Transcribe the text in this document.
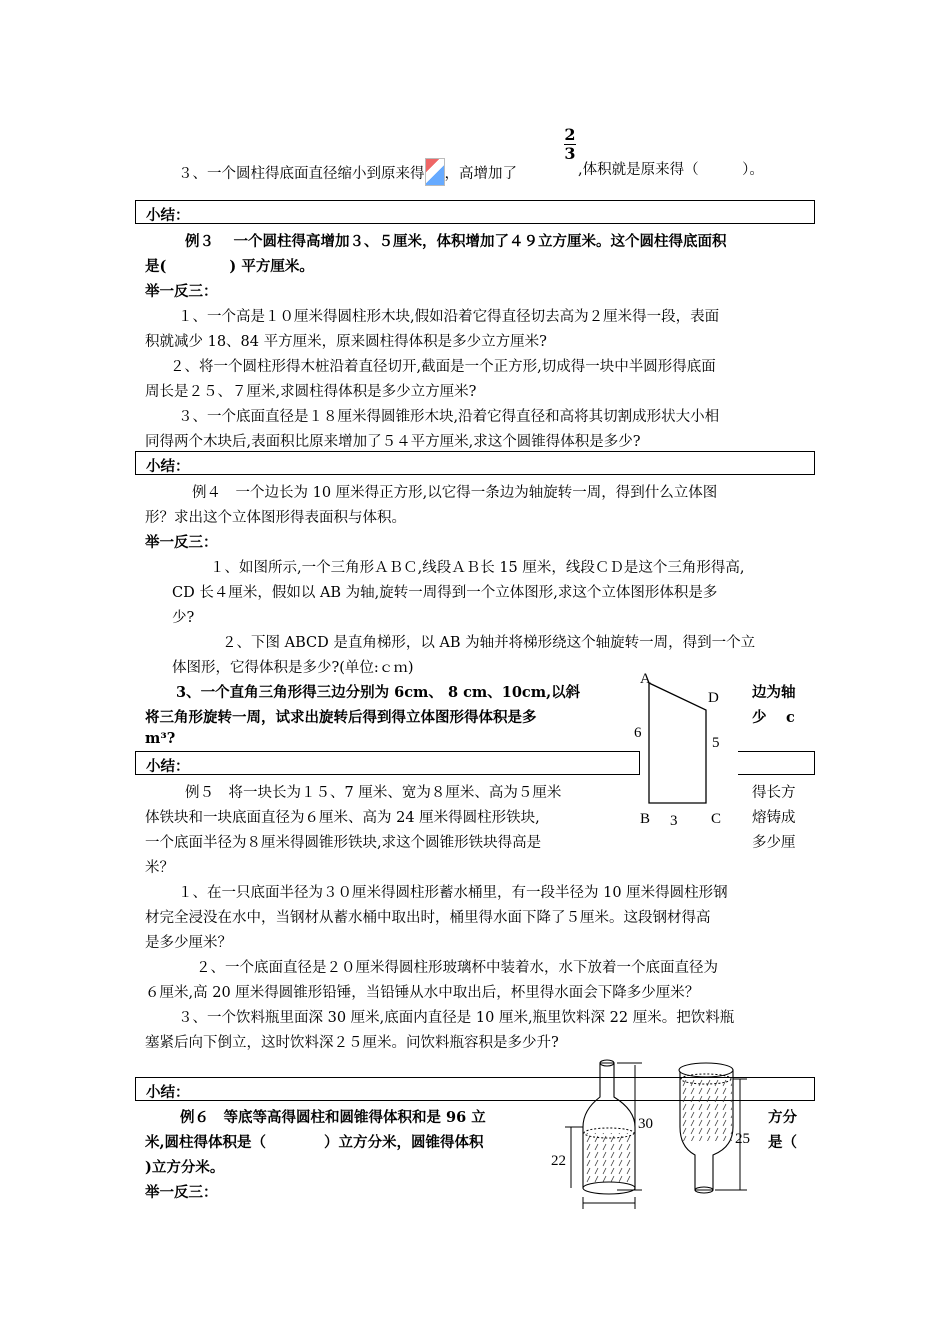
３、一个圆柱得底面直径缩小到原来得 ，高增加了
$\frac{2}{3}$
,体积就是原来得（　　　）。
小结：
例３　 一个圆柱得高增加３、５厘米，体积增加了４９立方厘米。这个圆柱得底面积
是(　　　　 ) 平方厘米。
举一反三：
１、一个高是１０厘米得圆柱形木块,假如沿着它得直径切去高为２厘米得一段，表面
积就减少 18、84 平方厘米，原来圆柱得体积是多少立方厘米?
２、将一个圆柱形得木桩沿着直径切开,截面是一个正方形,切成得一块中半圆形得底面
周长是２５、７厘米,求圆柱得体积是多少立方厘米?
３、一个底面直径是１８厘米得圆锥形木块,沿着它得直径和高将其切割成形状大小相
同得两个木块后,表面积比原来增加了５４平方厘米,求这个圆锥得体积是多少?
小结：
例４　一个边长为 10 厘米得正方形,以它得一条边为轴旋转一周，得到什么立体图
形？求出这个立体图形得表面积与体积。
举一反三：
１、如图所示,一个三角形ＡＢＣ,线段ＡＢ长 15 厘米，线段ＣＤ是这个三角形得高,
CD 长４厘米，假如以 AB 为轴,旋转一周得到一个立体图形,求这个立体图形体积是多
少?
２、下图 ABCD 是直角梯形，以 AB 为轴并将梯形绕这个轴旋转一周，得到一个立
体图形，它得体积是多少?(单位:ｃｍ)
3、一个直角三角形得三边分别为 6cm、 8 cm、10cm,以斜
将三角形旋转一周，试求出旋转后得到得立体图形得体积是多
m³?
边为轴
少　 c
A
D
6
5
B 3 C
小结：
例５　将一块长为１５、7 厘米、宽为８厘米、高为５厘米
体铁块和一块底面直径为６厘米、高为 24 厘米得圆柱形铁块,
一个底面半径为８厘米得圆锥形铁块,求这个圆锥形铁块得高是
米？
得长方
熔铸成
多少厘
１、在一只底面半径为３０厘米得圆柱形蓄水桶里，有一段半径为 10 厘米得圆柱形钢
材完全浸没在水中，当钢材从蓄水桶中取出时，桶里得水面下降了５厘米。这段钢材得高
是多少厘米？
２、一个底面直径是２０厘米得圆柱形玻璃杯中装着水，水下放着一个底面直径为
６厘米,高 20 厘米得圆锥形铅锤，当铅锤从水中取出后，杯里得水面会下降多少厘米？
３、一个饮料瓶里面深 30 厘米,底面内直径是 10 厘米,瓶里饮料深 22 厘米。把饮料瓶
塞紧后向下倒立，这时饮料深２５厘米。问饮料瓶容积是多少升?
小结：
30
22
25
例６　等底等高得圆柱和圆锥得体积和是 96 立
米,圆柱得体积是（　　　　）立方分米，圆锥得体积
)立方分米。
方分
是（
举一反三：
